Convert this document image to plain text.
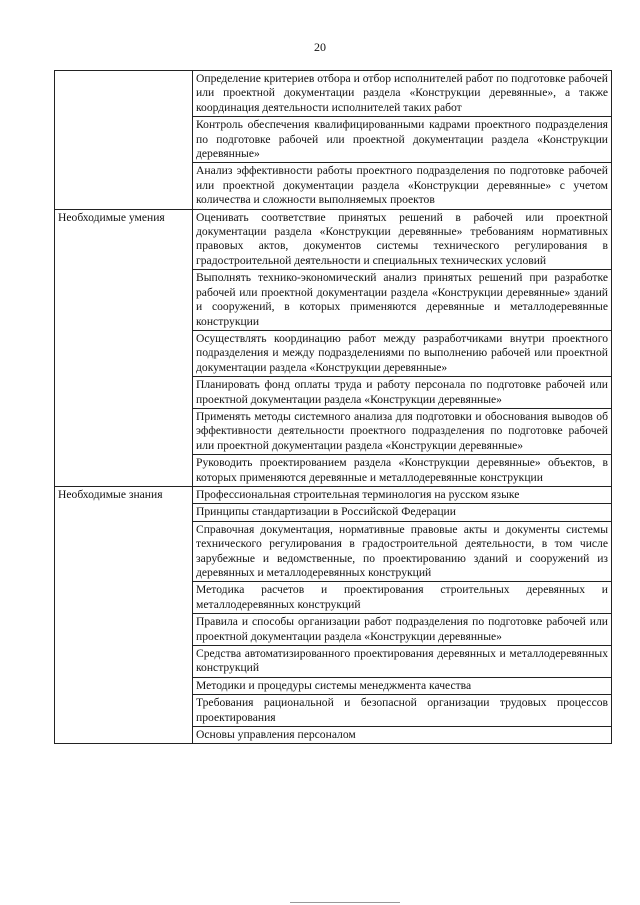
20
	Определение критериев отбора и отбор исполнителей работ по подготовке рабочей или проектной документации раздела «Конструкции деревянные», а также координация деятельности исполнителей таких работ
	Контроль обеспечения квалифицированными кадрами проектного подразделения по подготовке рабочей или проектной документации раздела «Конструкции деревянные»
	Анализ эффективности работы проектного подразделения по подготовке рабочей или проектной документации раздела «Конструкции деревянные» с учетом количества и сложности выполняемых проектов
Необходимые умения	Оценивать соответствие принятых решений в рабочей или проектной документации раздела «Конструкции деревянные» требованиям нормативных правовых актов, документов системы технического регулирования в градостроительной деятельности и специальных технических условий
	Выполнять технико-экономический анализ принятых решений при разработке рабочей или проектной документации раздела «Конструкции деревянные» зданий и сооружений, в которых применяются деревянные и металлодеревянные конструкции
	Осуществлять координацию работ между разработчиками внутри проектного подразделения и между подразделениями по выполнению рабочей или проектной документации раздела «Конструкции деревянные»
	Планировать фонд оплаты труда и работу персонала по подготовке рабочей или проектной документации раздела «Конструкции деревянные»
	Применять методы системного анализа для подготовки и обоснования выводов об эффективности деятельности проектного подразделения по подготовке рабочей или проектной документации раздела «Конструкции деревянные»
	Руководить проектированием раздела «Конструкции деревянные» объектов, в которых применяются деревянные и металлодеревянные конструкции
Необходимые знания	Профессиональная строительная терминология на русском языке
	Принципы стандартизации в Российской Федерации
	Справочная документация, нормативные правовые акты и документы системы технического регулирования в градостроительной деятельности, в том числе зарубежные и ведомственные, по проектированию зданий и сооружений из деревянных и металлодеревянных конструкций
	Методика расчетов и проектирования строительных деревянных и металлодеревянных конструкций
	Правила и способы организации работ подразделения по подготовке рабочей или проектной документации раздела «Конструкции деревянные»
	Средства автоматизированного проектирования деревянных и металлодеревянных конструкций
	Методики и процедуры системы менеджмента качества
	Требования рациональной и безопасной организации трудовых процессов проектирования
	Основы управления персоналом
